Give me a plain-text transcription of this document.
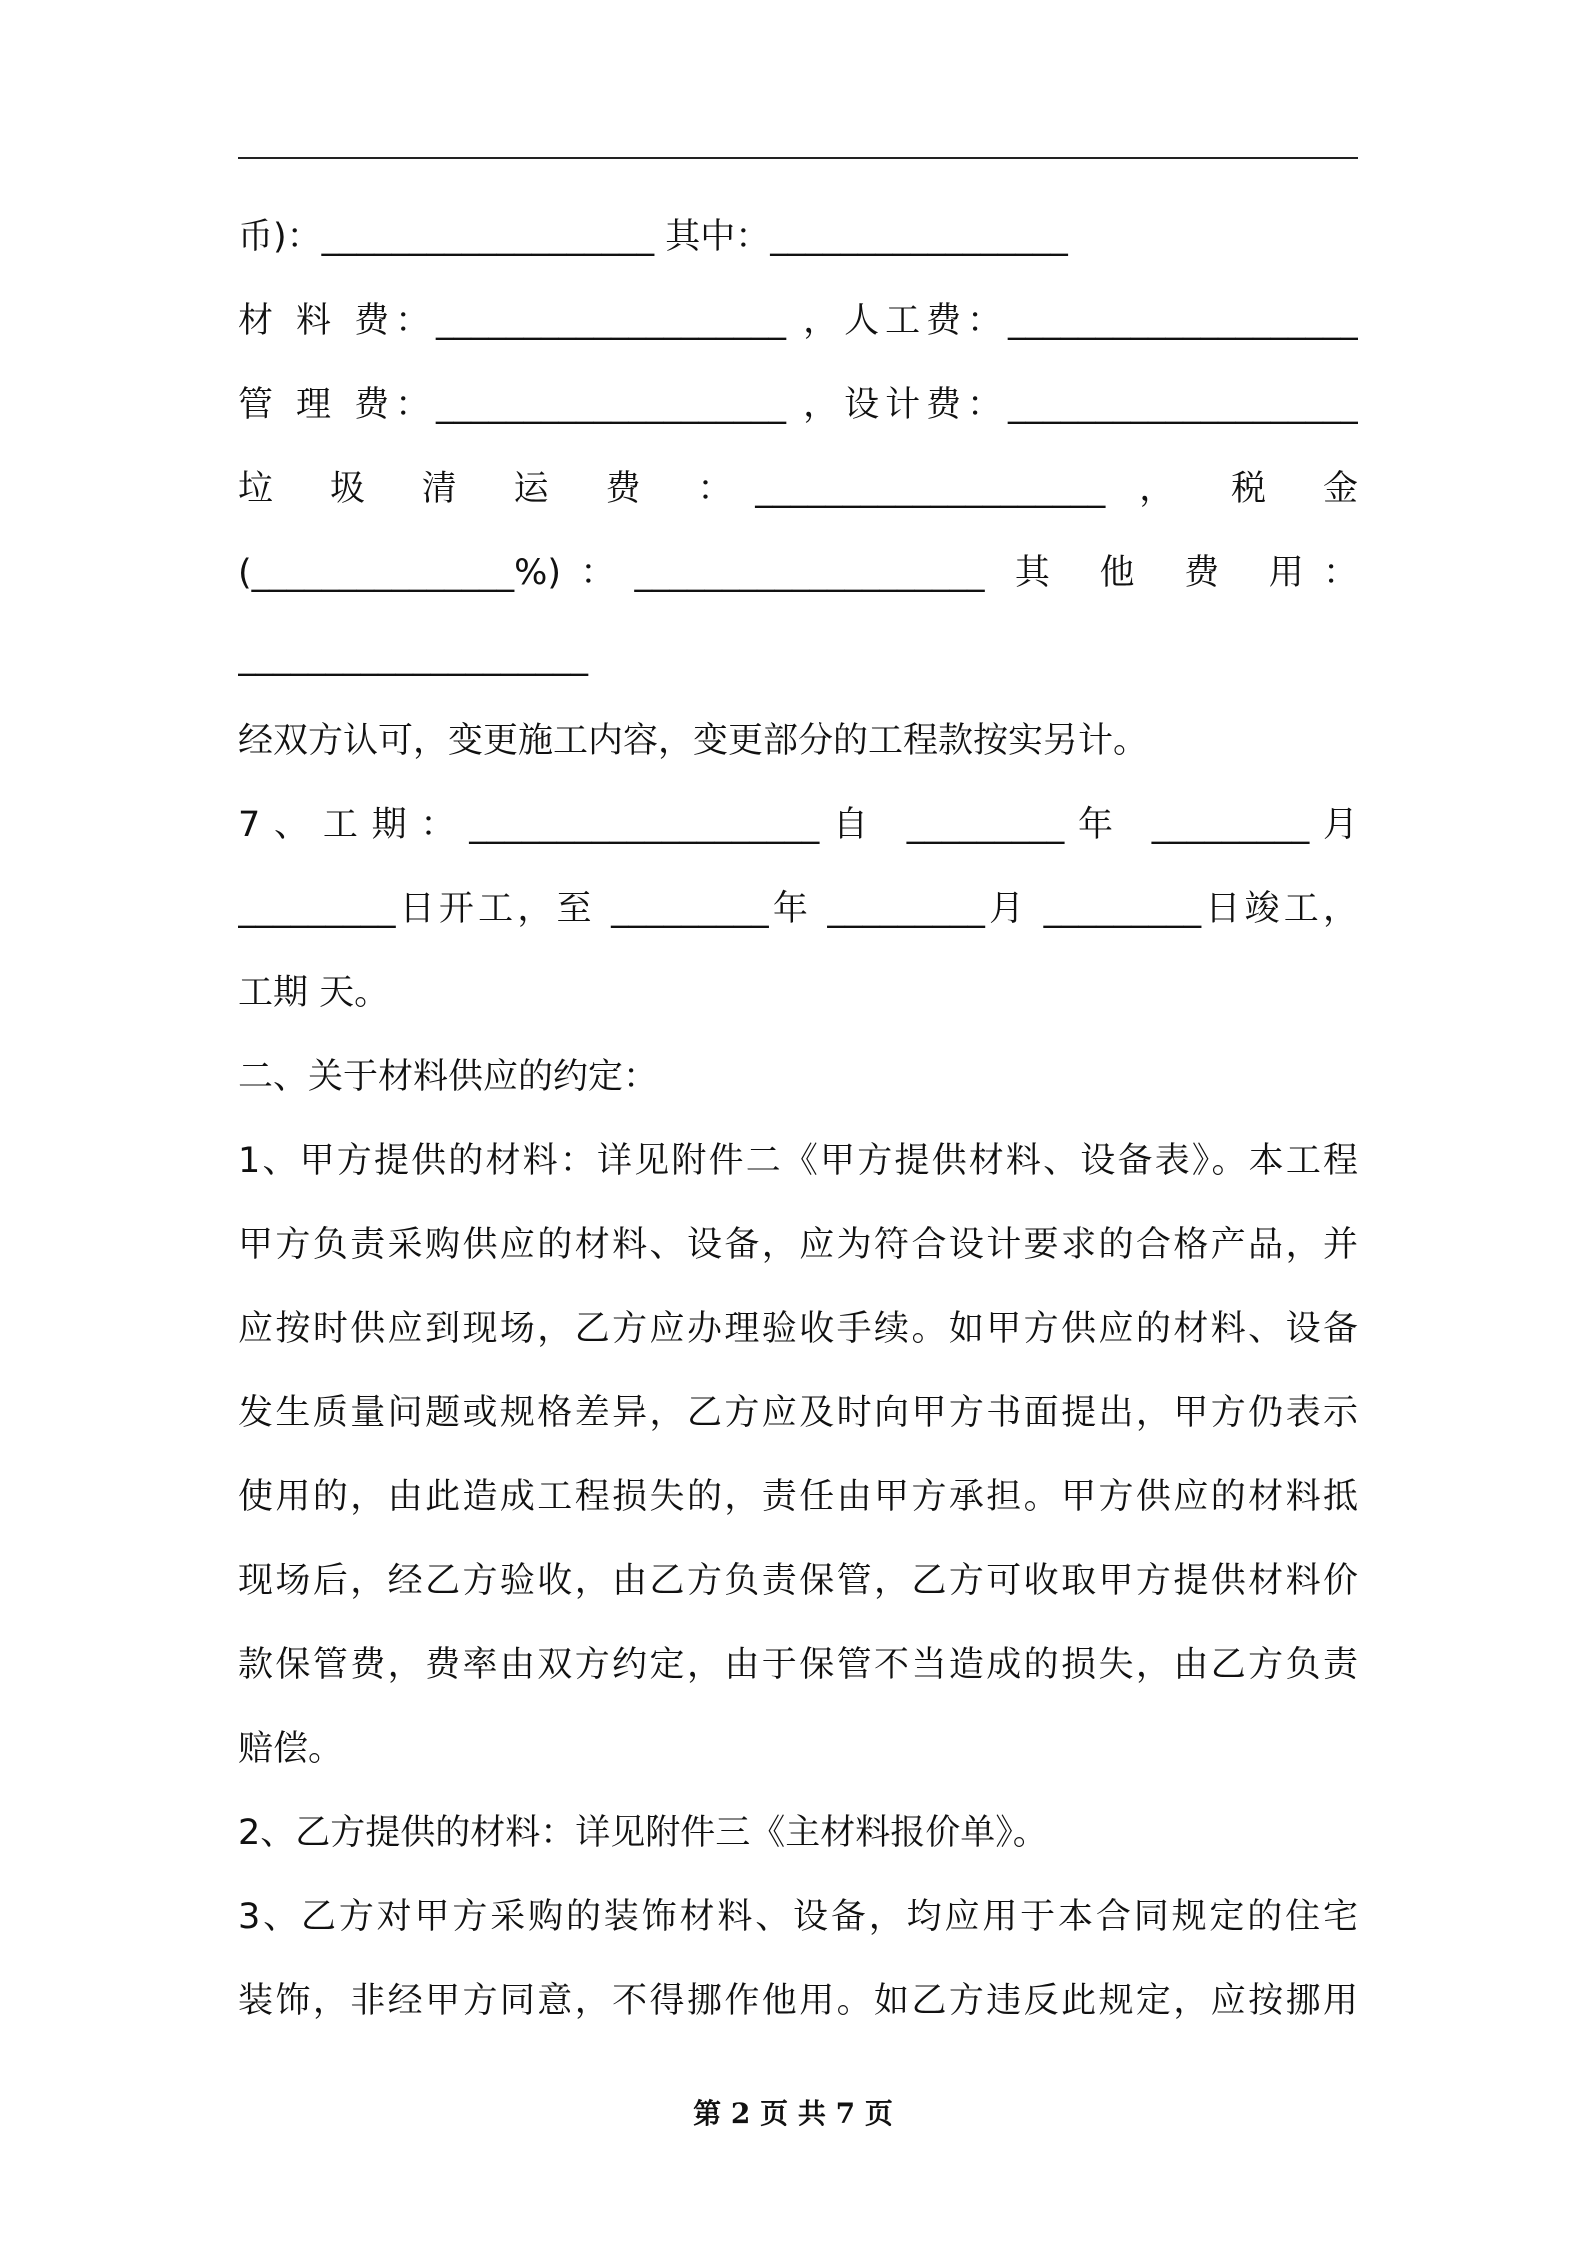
币)：___________________ 其中：_________________
材 料 费：____________________ ，人工费：____________________
管 理 费：____________________ ，设计费：____________________
垃 圾 清 运 费 ：____________________ ， 税 金
(_______________%)：____________________ 其 他 费 用：
____________________
经双方认可，变更施工内容，变更部分的工程款按实另计。
7、工期：____________________自 _________年 _________月
_________日开工，至 _________年 _________月 _________日竣工，
工期 天。
二、关于材料供应的约定：
1、甲方提供的材料：详见附件二《甲方提供材料、设备表》。本工程
甲方负责采购供应的材料、设备，应为符合设计要求的合格产品，并
应按时供应到现场，乙方应办理验收手续。如甲方供应的材料、设备
发生质量问题或规格差异，乙方应及时向甲方书面提出，甲方仍表示
使用的，由此造成工程损失的，责任由甲方承担。甲方供应的材料抵
现场后，经乙方验收，由乙方负责保管，乙方可收取甲方提供材料价
款保管费，费率由双方约定，由于保管不当造成的损失，由乙方负责
赔偿。
2、乙方提供的材料：详见附件三《主材料报价单》。
3、乙方对甲方采购的装饰材料、设备，均应用于本合同规定的住宅
装饰，非经甲方同意，不得挪作他用。如乙方违反此规定，应按挪用
第 2 页 共 7 页
